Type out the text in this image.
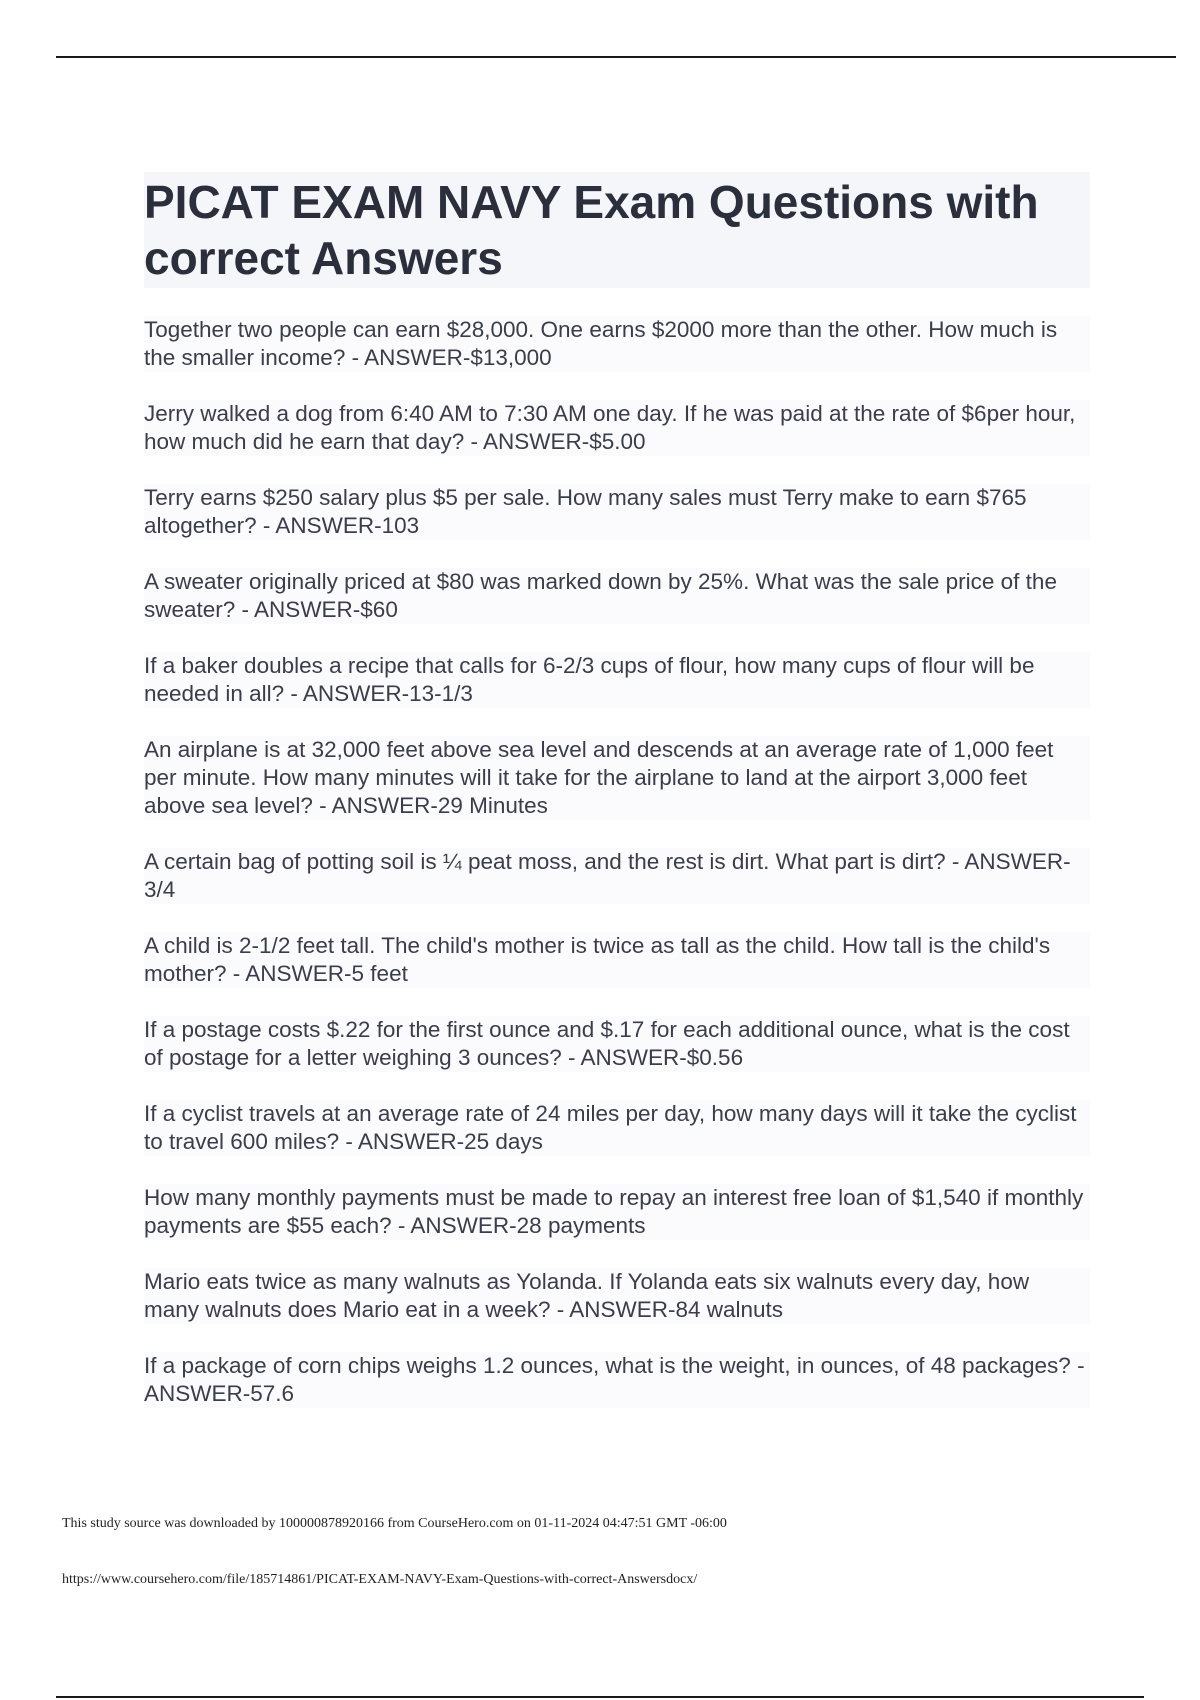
PICAT EXAM NAVY Exam Questions with correct Answers
Together two people can earn $28,000. One earns $2000 more than the other. How much is the smaller income? - ANSWER-$13,000
Jerry walked a dog from 6:40 AM to 7:30 AM one day. If he was paid at the rate of $6per hour, how much did he earn that day? - ANSWER-$5.00
Terry earns $250 salary plus $5 per sale. How many sales must Terry make to earn $765 altogether? - ANSWER-103
A sweater originally priced at $80 was marked down by 25%. What was the sale price of the sweater? - ANSWER-$60
If a baker doubles a recipe that calls for 6-2/3 cups of flour, how many cups of flour will be needed in all? - ANSWER-13-1/3
An airplane is at 32,000 feet above sea level and descends at an average rate of 1,000 feet per minute. How many minutes will it take for the airplane to land at the airport 3,000 feet above sea level? - ANSWER-29 Minutes
A certain bag of potting soil is ¼ peat moss, and the rest is dirt. What part is dirt? - ANSWER-3/4
A child is 2-1/2 feet tall. The child's mother is twice as tall as the child. How tall is the child's mother? - ANSWER-5 feet
If a postage costs $.22 for the first ounce and $.17 for each additional ounce, what is the cost of postage for a letter weighing 3 ounces? - ANSWER-$0.56
If a cyclist travels at an average rate of 24 miles per day, how many days will it take the cyclist to travel 600 miles? - ANSWER-25 days
How many monthly payments must be made to repay an interest free loan of $1,540 if monthly payments are $55 each? - ANSWER-28 payments
Mario eats twice as many walnuts as Yolanda. If Yolanda eats six walnuts every day, how many walnuts does Mario eat in a week? - ANSWER-84 walnuts
If a package of corn chips weighs 1.2 ounces, what is the weight, in ounces, of 48 packages? - ANSWER-57.6
This study source was downloaded by 100000878920166 from CourseHero.com on 01-11-2024 04:47:51 GMT -06:00
https://www.coursehero.com/file/185714861/PICAT-EXAM-NAVY-Exam-Questions-with-correct-Answersdocx/
